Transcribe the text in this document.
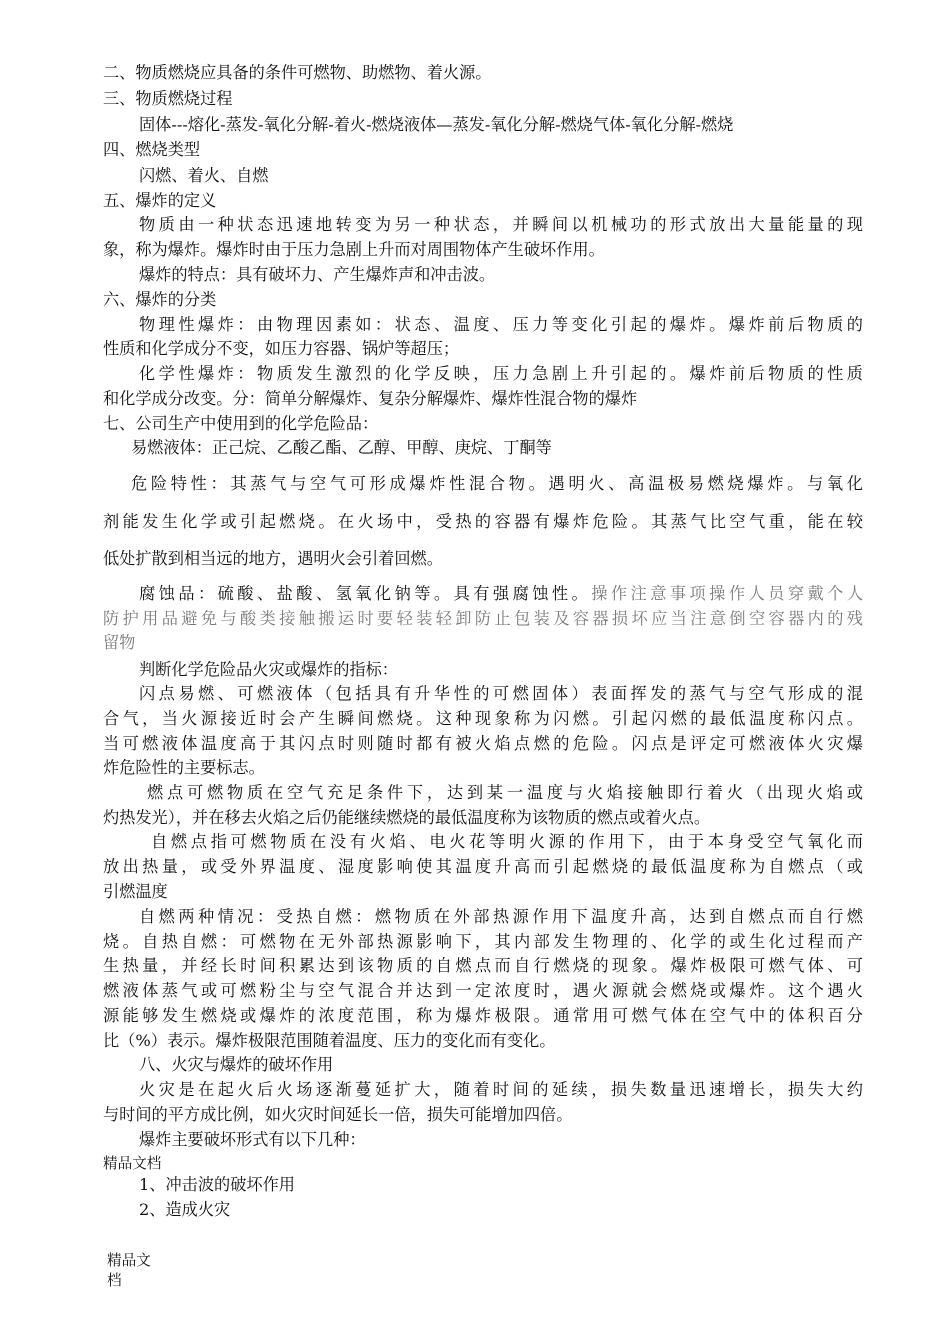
二、物质燃烧应具备的条件可燃物、助燃物、着火源。

三、物质燃烧过程

固体---熔化-蒸发-氧化分解-着火-燃烧液体—蒸发-氧化分解-燃烧气体-氧化分解-燃烧

四、燃烧类型

闪燃、着火、自燃

五、爆炸的定义

物质由一种状态迅速地转变为另一种状态，并瞬间以机械功的形式放出大量能量的现

象，称为爆炸。爆炸时由于压力急剧上升而对周围物体产生破坏作用。

爆炸的特点：具有破坏力、产生爆炸声和冲击波。

六、爆炸的分类

物理性爆炸：由物理因素如：状态、温度、压力等变化引起的爆炸。爆炸前后物质的

性质和化学成分不变，如压力容器、锅炉等超压；

化学性爆炸：物质发生激烈的化学反映，压力急剧上升引起的。爆炸前后物质的性质

和化学成分改变。分：简单分解爆炸、复杂分解爆炸、爆炸性混合物的爆炸

七、公司生产中使用到的化学危险品：

易燃液体：正己烷、乙酸乙酯、乙醇、甲醇、庚烷、丁酮等

危险特性：其蒸气与空气可形成爆炸性混合物。遇明火、高温极易燃烧爆炸。与氧化

剂能发生化学或引起燃烧。在火场中，受热的容器有爆炸危险。其蒸气比空气重，能在较

低处扩散到相当远的地方，遇明火会引着回燃。

腐蚀品：硫酸、盐酸、氢氧化钠等。具有强腐蚀性。操作注意事项操作人员穿戴个人

防护用品避免与酸类接触搬运时要轻装轻卸防止包装及容器损坏应当注意倒空容器内的残

留物

判断化学危险品火灾或爆炸的指标：

闪点易燃、可燃液体（包括具有升华性的可燃固体）表面挥发的蒸气与空气形成的混

合气，当火源接近时会产生瞬间燃烧。这种现象称为闪燃。引起闪燃的最低温度称闪点。

当可燃液体温度高于其闪点时则随时都有被火焰点燃的危险。闪点是评定可燃液体火灾爆

炸危险性的主要标志。

燃点可燃物质在空气充足条件下，达到某一温度与火焰接触即行着火（出现火焰或

灼热发光），并在移去火焰之后仍能继续燃烧的最低温度称为该物质的燃点或着火点。

自燃点指可燃物质在没有火焰、电火花等明火源的作用下，由于本身受空气氧化而

放出热量，或受外界温度、湿度影响使其温度升高而引起燃烧的最低温度称为自燃点（或

引燃温度

自燃两种情况：受热自燃：燃物质在外部热源作用下温度升高，达到自燃点而自行燃

烧。自热自燃：可燃物在无外部热源影响下，其内部发生物理的、化学的或生化过程而产

生热量，并经长时间积累达到该物质的自燃点而自行燃烧的现象。爆炸极限可燃气体、可

燃液体蒸气或可燃粉尘与空气混合并达到一定浓度时，遇火源就会燃烧或爆炸。这个遇火

源能够发生燃烧或爆炸的浓度范围，称为爆炸极限。通常用可燃气体在空气中的体积百分

比（%）表示。爆炸极限范围随着温度、压力的变化而有变化。

八、火灾与爆炸的破坏作用

火灾是在起火后火场逐渐蔓延扩大，随着时间的延续，损失数量迅速增长，损失大约

与时间的平方成比例，如火灾时间延长一倍，损失可能增加四倍。

爆炸主要破坏形式有以下几种：

精品文档

1、冲击波的破坏作用

2、造成火灾

精品文

档
